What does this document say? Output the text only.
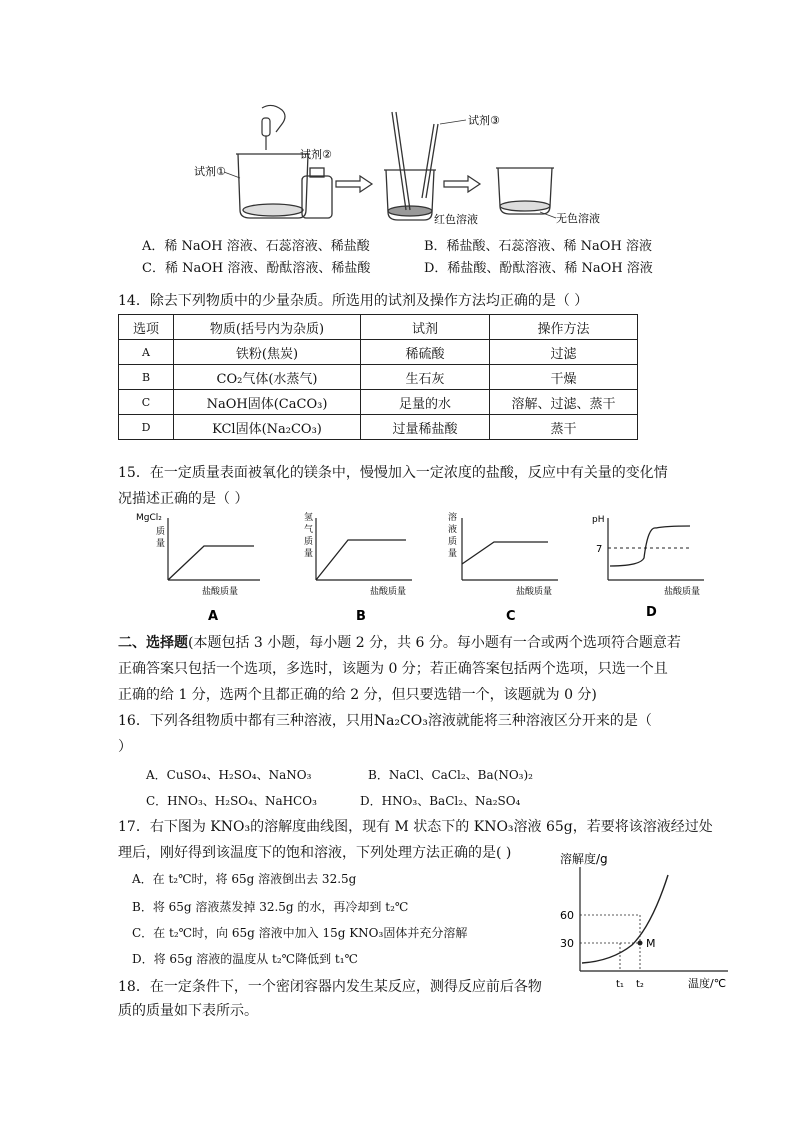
试剂①
试剂②
试剂③
红色溶液	无色溶液
A．稀 NaOH 溶液、石蕊溶液、稀盐酸	B．稀盐酸、石蕊溶液、稀 NaOH 溶液
C．稀 NaOH 溶液、酚酞溶液、稀盐酸	D．稀盐酸、酚酞溶液、稀 NaOH 溶液
14．除去下列物质中的少量杂质。所选用的试剂及操作方法均正确的是（ ）
选项	物质(括号内为杂质)	试剂	操作方法
A	铁粉(焦炭)	稀硫酸	过滤
B	CO₂气体(水蒸气)	生石灰	干燥
C	NaOH固体(CaCO₃)	足量的水	溶解、过滤、蒸干
D	KCl固体(Na₂CO₃)	过量稀盐酸	蒸干
15．在一定质量表面被氧化的镁条中，慢慢加入一定浓度的盐酸，反应中有关量的变化情
况描述正确的是（ ）
MgCl₂
质
量
盐酸质量
A
氢
气
质
量
盐酸质量
B
溶
液
质
量
盐酸质量
C
pH
7
盐酸质量
D
二、选择题(本题包括 3 小题，每小题 2 分，共 6 分。每小题有一合或两个选项符合题意若
正确答案只包括一个选项，多选时，该题为 0 分；若正确答案包括两个选项，只选一个且
正确的给 1 分，选两个且都正确的给 2 分，但只要选错一个，该题就为 0 分)
16．下列各组物质中都有三种溶液，只用Na₂CO₃溶液就能将三种溶液区分开来的是（
）
A．CuSO₄、H₂SO₄、NaNO₃	B．NaCl、CaCl₂、Ba(NO₃)₂
C．HNO₃、H₂SO₄、NaHCO₃	D．HNO₃、BaCl₂、Na₂SO₄
17．右下图为 KNO₃的溶解度曲线图，现有 M 状态下的 KNO₃溶液 65g，若要将该溶液经过处
理后，刚好得到该温度下的饱和溶液，下列处理方法正确的是( )
A．在 t₂℃时，将 65g 溶液倒出去 32.5g
B．将 65g 溶液蒸发掉 32.5g 的水，再冷却到 t₂℃
C．在 t₂℃时，向 65g 溶液中加入 15g KNO₃固体并充分溶解
D．将 65g 溶液的温度从 t₂℃降低到 t₁℃
溶解度/g
60
30	M
t₁ t₂	温度/℃
18．在一定条件下，一个密闭容器内发生某反应，测得反应前后各物
质的质量如下表所示。
